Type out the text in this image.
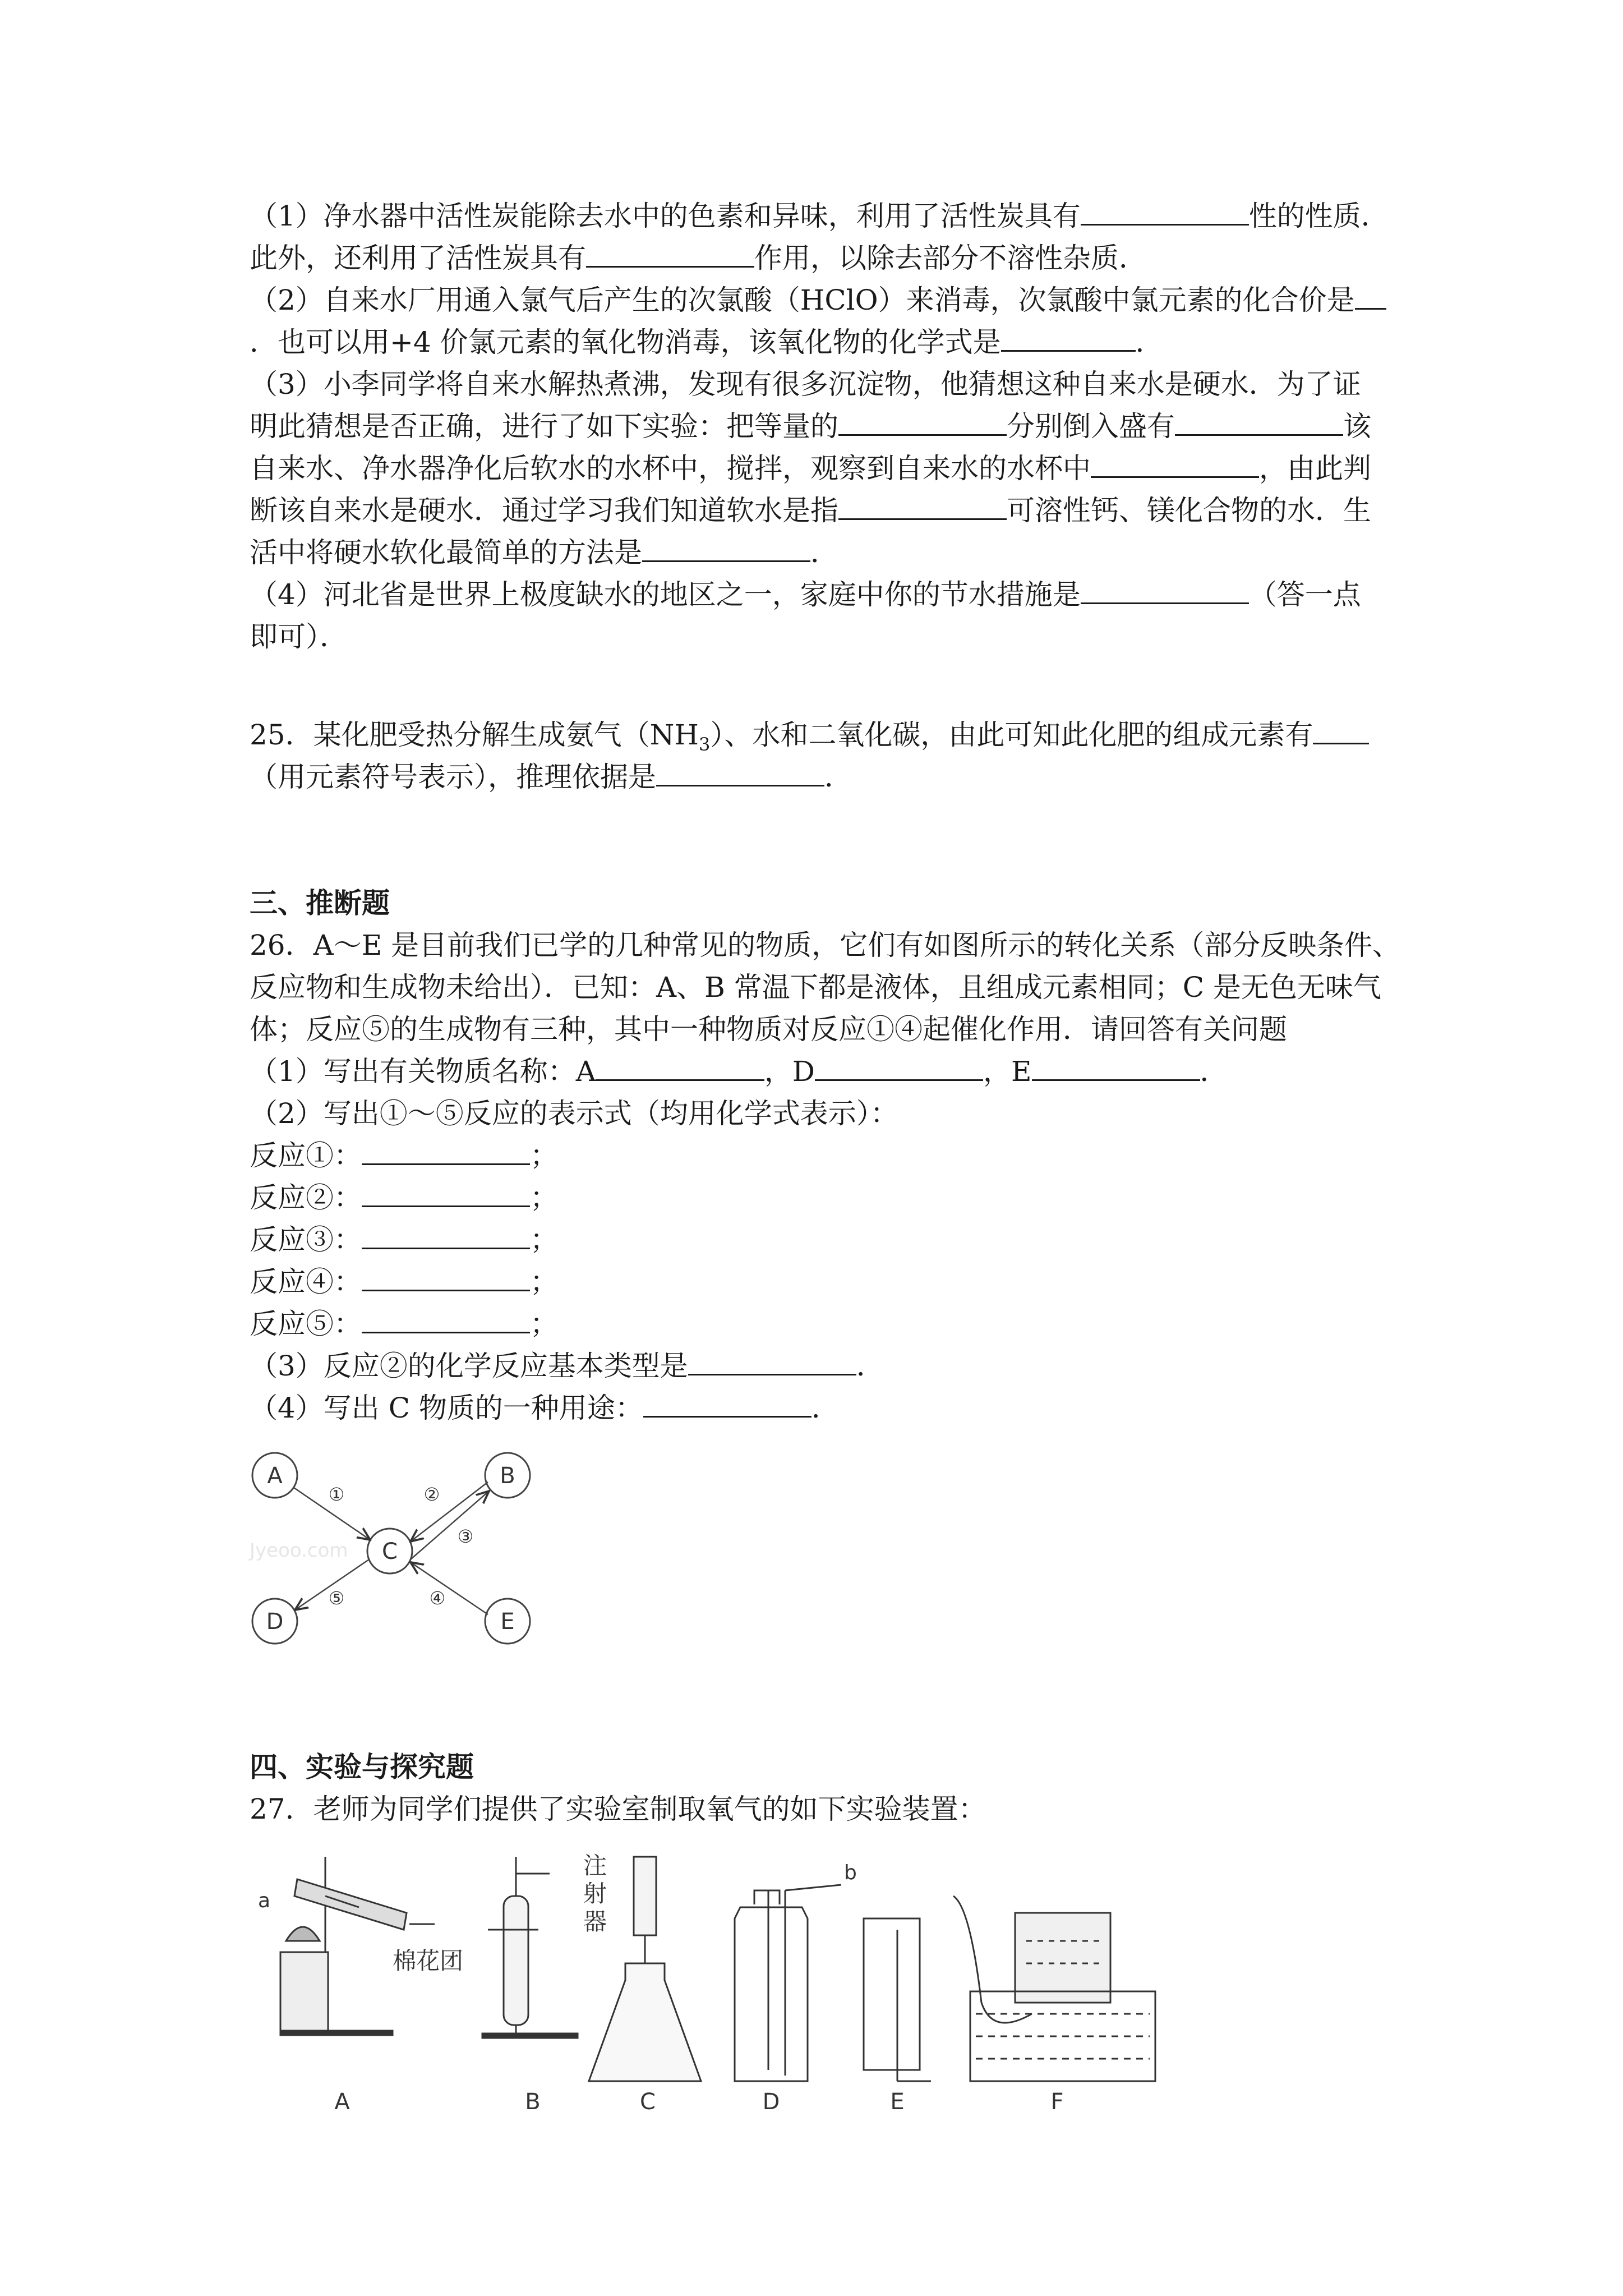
（1）净水器中活性炭能除去水中的色素和异味，利用了活性炭具有	性的性质．
此外，还利用了活性炭具有	作用，以除去部分不溶性杂质．
（2）自来水厂用通入氯气后产生的次氯酸（HClO）来消毒，次氯酸中氯元素的化合价是
．也可以用+4 价氯元素的氧化物消毒，该氧化物的化学式是	．
（3）小李同学将自来水解热煮沸，发现有很多沉淀物，他猜想这种自来水是硬水．为了证
明此猜想是否正确，进行了如下实验：把等量的	分别倒入盛有	该
自来水、净水器净化后软水的水杯中，搅拌，观察到自来水的水杯中	，由此判
断该自来水是硬水．通过学习我们知道软水是指	可溶性钙、镁化合物的水．生
活中将硬水软化最简单的方法是	．
（4）河北省是世界上极度缺水的地区之一，家庭中你的节水措施是	（答一点
即可）．
25．某化肥受热分解生成氨气$(NH_3)$、水和二氧化碳，由此可知此化肥的组成元素有
（用元素符号表示），推理依据是	．
三、推断题
26．A～E 是目前我们已学的几种常见的物质，它们有如图所示的转化关系（部分反映条件、
反应物和生成物未给出）．已知：A、B 常温下都是液体，且组成元素相同；C 是无色无味气
体；反应⑤的生成物有三种，其中一种物质对反应①④起催化作用．请回答有关问题
（1）写出有关物质名称：A	，D	，E	．
（2）写出①～⑤反应的表示式（均用化学式表示）：
反应①：	；
反应②：	；
反应③：	；
反应④：	；
反应⑤：	；
（3）反应②的化学反应基本类型是	．
（4）写出 C 物质的一种用途：	．
Jyeoo.com
A	B
C
D	E
①	②
③
④
⑤
四、实验与探究题
27．老师为同学们提供了实验室制取氧气的如下实验装置：
A	B	C	D	E	F
a
b
棉花团
注
射
器
